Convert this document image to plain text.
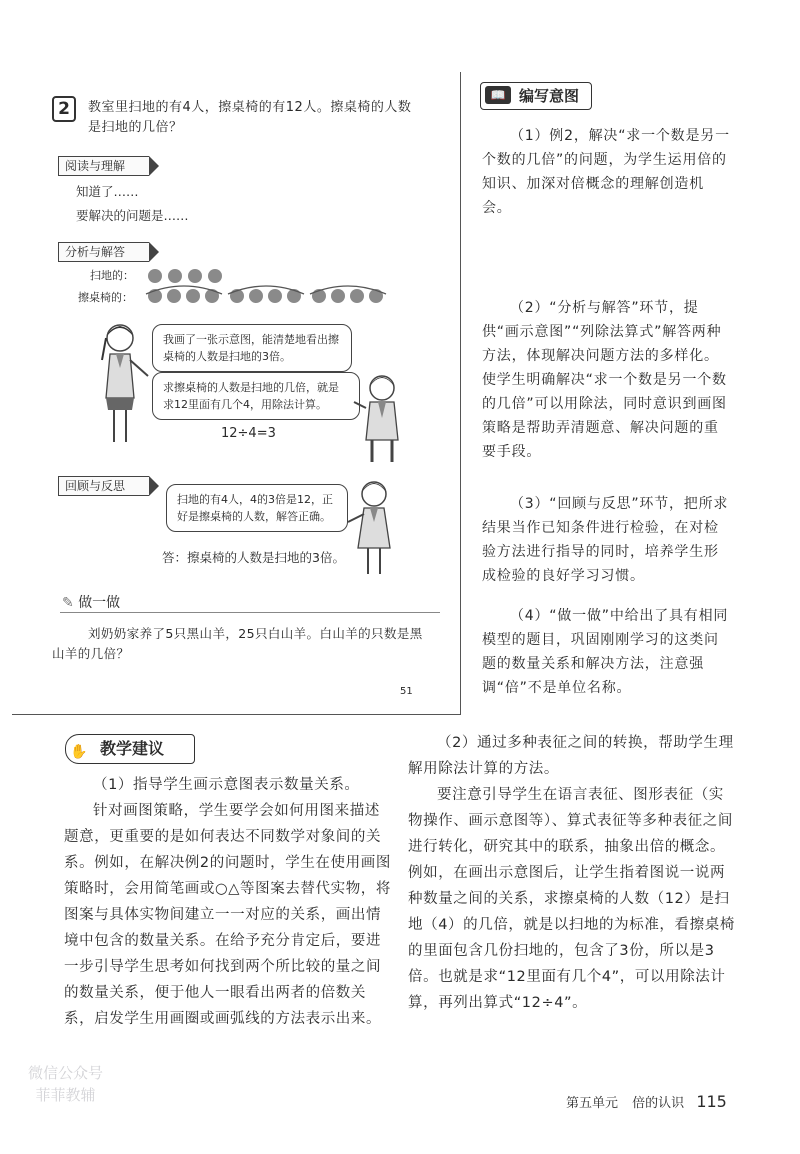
2	教室里扫地的有4人，擦桌椅的有12人。擦桌椅的人数
是扫地的几倍？
阅读与理解
知道了……
要解决的问题是……
分析与解答
扫地的：
擦桌椅的：
我画了一张示意图，能清楚地看出擦桌椅的人数是扫地的3倍。
求擦桌椅的人数是扫地的几倍，就是求12里面有几个4，用除法计算。
12÷4=3
回顾与反思
扫地的有4人，4的3倍是12，正好是擦桌椅的人数，解答正确。
答：擦桌椅的人数是扫地的3倍。
✎ 做一做
刘奶奶家养了5只黑山羊，25只白山羊。白山羊的只数是黑
山羊的几倍？
51
📖 编写意图
（1）例2，解决“求一个数是另一个数的几倍”的问题，为学生运用倍的知识、加深对倍概念的理解创造机会。
（2）“分析与解答”环节，提供“画示意图”“列除法算式”解答两种方法，体现解决问题方法的多样化。使学生明确解决“求一个数是另一个数的几倍”可以用除法，同时意识到画图策略是帮助弄清题意、解决问题的重要手段。
（3）“回顾与反思”环节，把所求结果当作已知条件进行检验，在对检验方法进行指导的同时，培养学生形成检验的良好学习习惯。
（4）“做一做”中给出了具有相同模型的题目，巩固刚刚学习的这类问题的数量关系和解决方法，注意强调“倍”不是单位名称。
✋ 教学建议
（1）指导学生画示意图表示数量关系。
针对画图策略，学生要学会如何用图来描述题意，更重要的是如何表达不同数学对象间的关系。例如，在解决例2的问题时，学生在使用画图策略时，会用简笔画或○△等图案去替代实物，将图案与具体实物间建立一一对应的关系，画出情境中包含的数量关系。在给予充分肯定后，要进一步引导学生思考如何找到两个所比较的量之间的数量关系，便于他人一眼看出两者的倍数关系，启发学生用画圈或画弧线的方法表示出来。
（2）通过多种表征之间的转换，帮助学生理解用除法计算的方法。
要注意引导学生在语言表征、图形表征（实物操作、画示意图等）、算式表征等多种表征之间进行转化，研究其中的联系，抽象出倍的概念。例如，在画出示意图后，让学生指着图说一说两种数量之间的关系，求擦桌椅的人数（12）是扫地（4）的几倍，就是以扫地的为标准，看擦桌椅的里面包含几份扫地的，包含了3份，所以是3倍。也就是求“12里面有几个4”，可以用除法计算，再列出算式“12÷4”。
第五单元 倍的认识 115
微信公众号
菲菲教辅
